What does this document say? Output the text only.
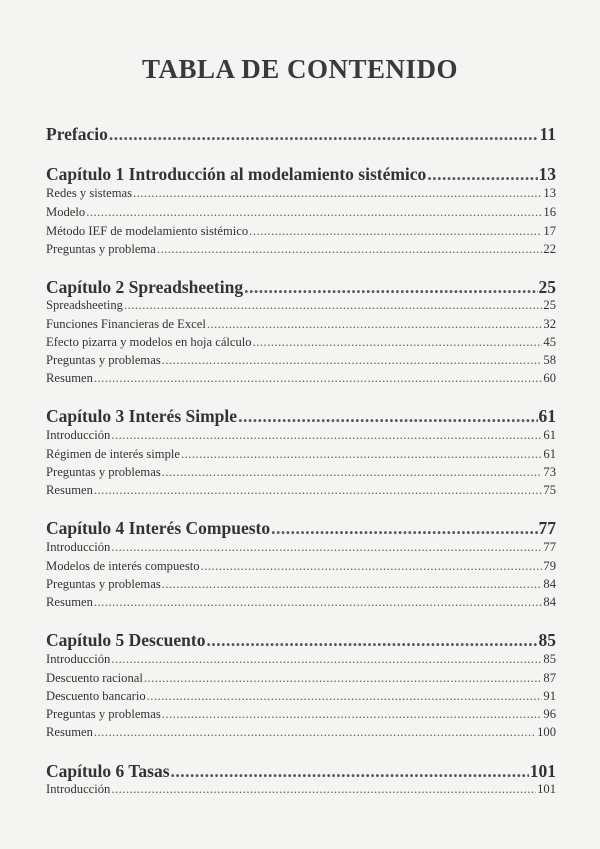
TABLA DE CONTENIDO
Prefacio .....	11
Capítulo 1 Introducción al modelamiento sistémico .....	13
Redes y sistemas .....	13
Modelo .....	16
Método IEF de modelamiento sistémico .....	17
Preguntas y problema .....	22
Capítulo 2 Spreadsheeting .....	25
Spreadsheeting .....	25
Funciones Financieras de Excel .....	32
Efecto pizarra y modelos en hoja cálculo .....	45
Preguntas y problemas .....	58
Resumen .....	60
Capítulo 3 Interés Simple .....	61
Introducción .....	61
Régimen de interés simple .....	61
Preguntas y problemas .....	73
Resumen .....	75
Capítulo 4 Interés Compuesto .....	77
Introducción .....	77
Modelos de interés compuesto .....	79
Preguntas y problemas .....	84
Resumen .....	84
Capítulo 5 Descuento .....	85
Introducción .....	85
Descuento racional .....	87
Descuento bancario .....	91
Preguntas y problemas .....	96
Resumen .....	100
Capítulo 6 Tasas .....	101
Introducción .....	101
